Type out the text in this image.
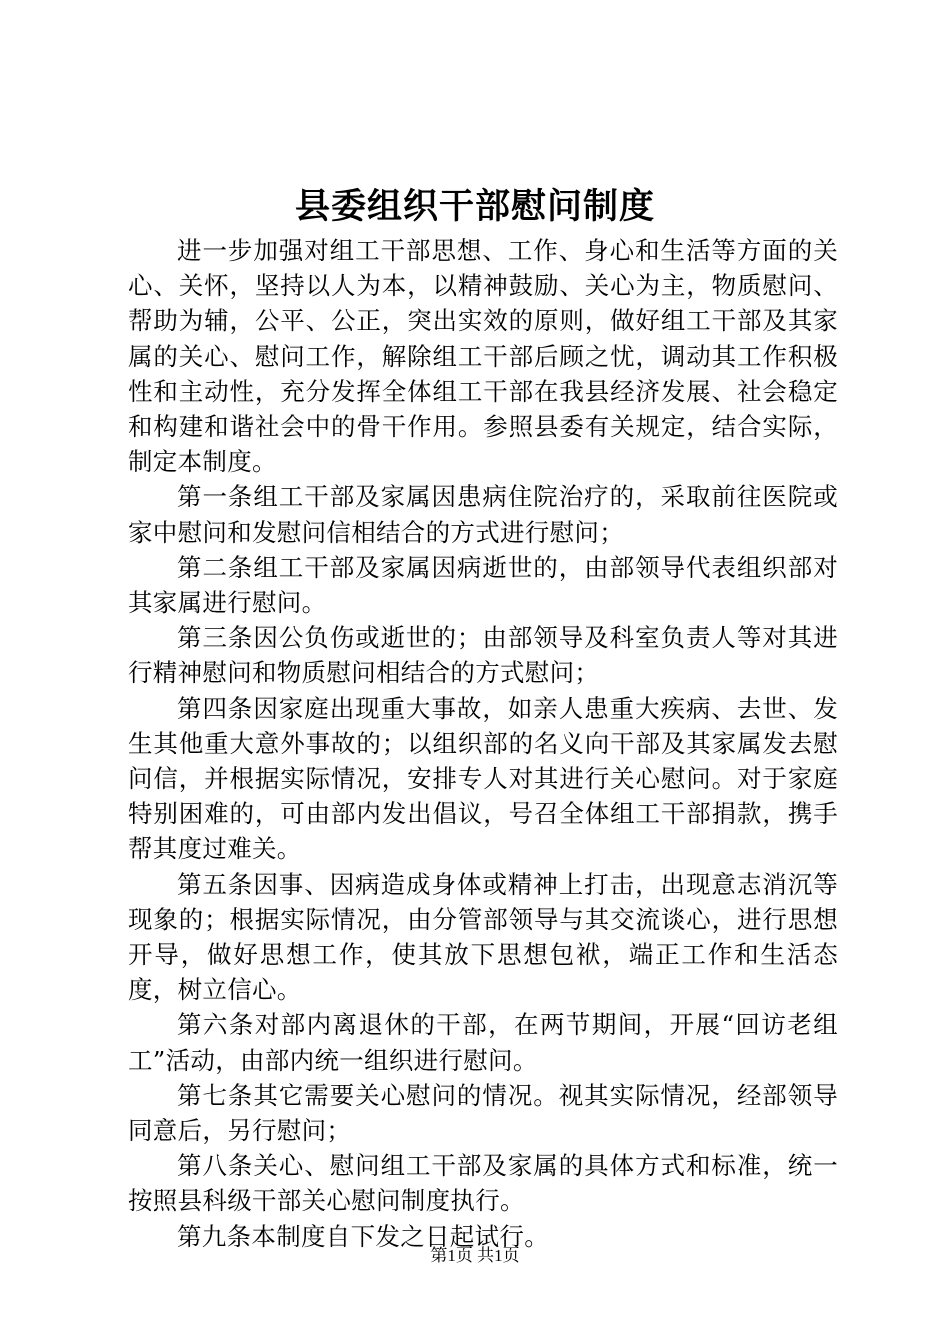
县委组织干部慰问制度

进一步加强对组工干部思想、工作、身心和生活等方面的关心、关怀，坚持以人为本，以精神鼓励、关心为主，物质慰问、帮助为辅，公平、公正，突出实效的原则，做好组工干部及其家属的关心、慰问工作，解除组工干部后顾之忧，调动其工作积极性和主动性，充分发挥全体组工干部在我县经济发展、社会稳定和构建和谐社会中的骨干作用。参照县委有关规定，结合实际，制定本制度。

第一条组工干部及家属因患病住院治疗的，采取前往医院或家中慰问和发慰问信相结合的方式进行慰问；

第二条组工干部及家属因病逝世的，由部领导代表组织部对其家属进行慰问。

第三条因公负伤或逝世的；由部领导及科室负责人等对其进行精神慰问和物质慰问相结合的方式慰问；

第四条因家庭出现重大事故，如亲人患重大疾病、去世、发生其他重大意外事故的；以组织部的名义向干部及其家属发去慰问信，并根据实际情况，安排专人对其进行关心慰问。对于家庭特别困难的，可由部内发出倡议，号召全体组工干部捐款，携手帮其度过难关。

第五条因事、因病造成身体或精神上打击，出现意志消沉等现象的；根据实际情况，由分管部领导与其交流谈心，进行思想开导，做好思想工作，使其放下思想包袱，端正工作和生活态度，树立信心。

第六条对部内离退休的干部，在两节期间，开展“回访老组工”活动，由部内统一组织进行慰问。

第七条其它需要关心慰问的情况。视其实际情况，经部领导同意后，另行慰问；

第八条关心、慰问组工干部及家属的具体方式和标准，统一按照县科级干部关心慰问制度执行。

第九条本制度自下发之日起试行。

第1页 共1页
